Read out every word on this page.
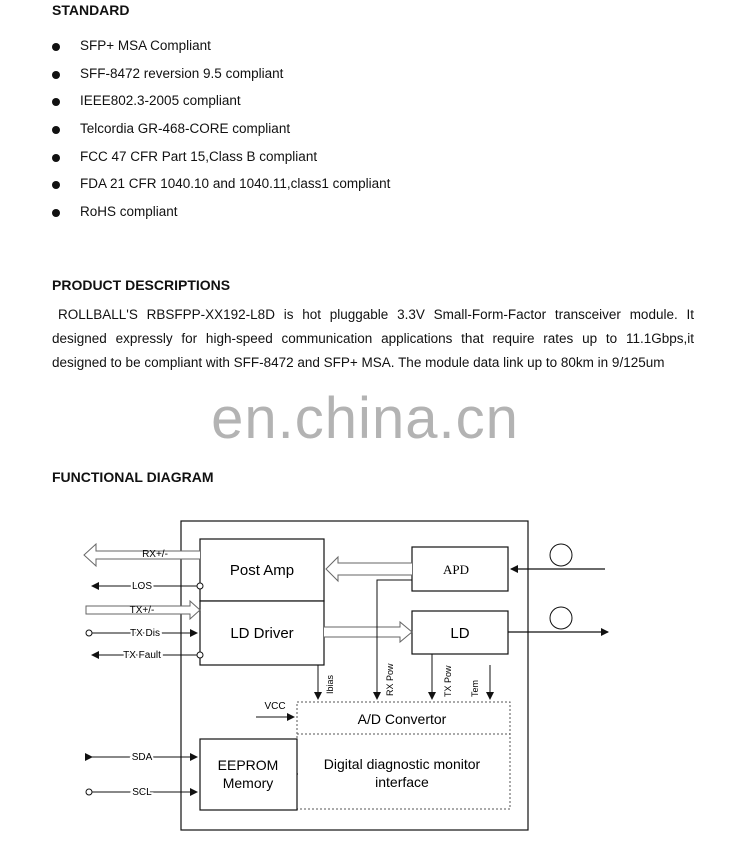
STANDARD
SFP+ MSA Compliant
SFF-8472 reversion 9.5 compliant
IEEE802.3-2005 compliant
Telcordia GR-468-CORE compliant
FCC 47 CFR Part 15,Class B compliant
FDA 21 CFR 1040.10 and 1040.11,class1 compliant
RoHS compliant
PRODUCT DESCRIPTIONS

ROLLBALL'S RBSFPP-XX192-L8D is hot pluggable 3.3V Small-Form-Factor transceiver module. It designed expressly for high-speed communication applications that require rates up to 11.1Gbps,it designed to be compliant with SFF-8472 and SFP+ MSA. The module data link up to 80km in 9/125um

en.china.cn
FUNCTIONAL DIAGRAM
Post Amp
LD Driver
APD
LD
A/D Convertor
Digital diagnostic monitor
interface
EEPROM
Memory
RX+/-
LOS
TX+/-
TX Dis
TX Fault
SDA
SCL
Ibias	RX Pow	TX Pow Tem
VCC
